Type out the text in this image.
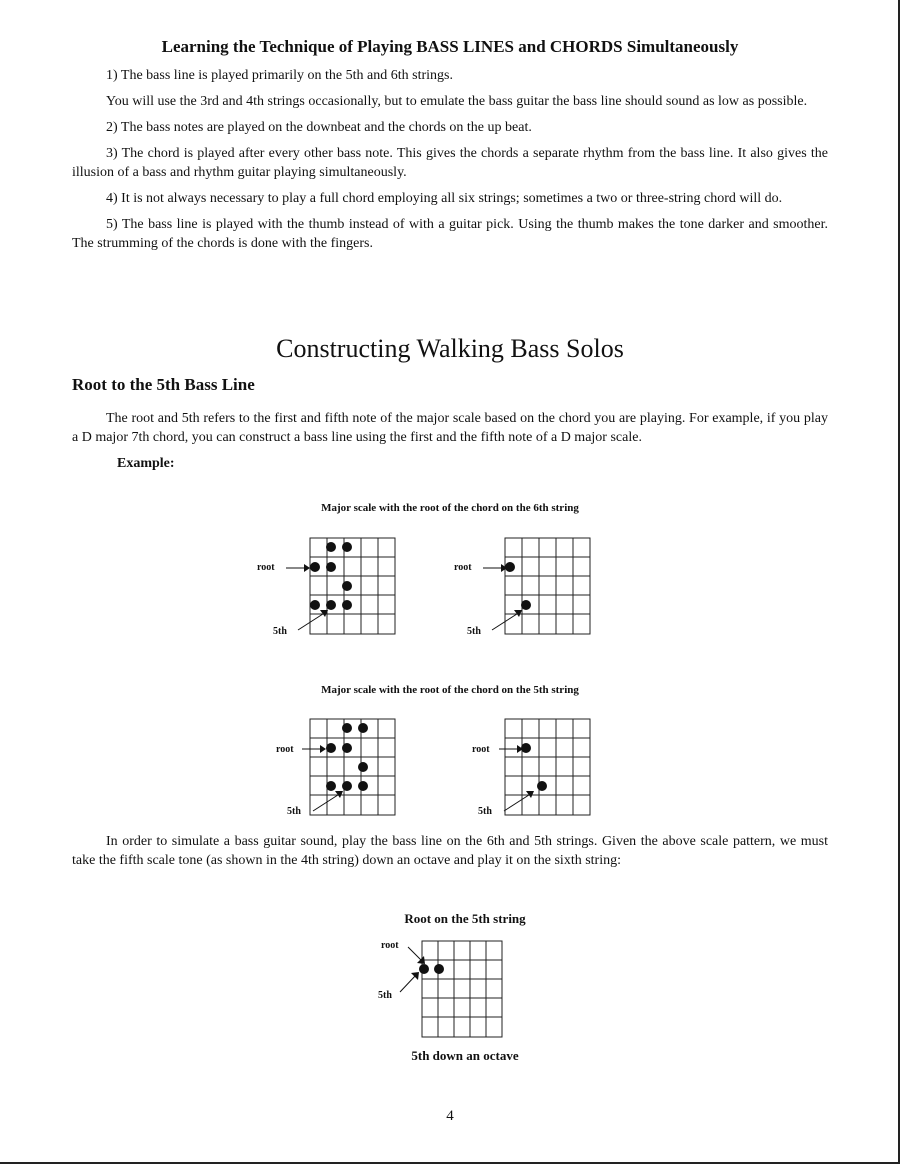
Learning the Technique of Playing BASS LINES and CHORDS Simultaneously

1) The bass line is played primarily on the 5th and 6th strings.

You will use the 3rd and 4th strings occasionally, but to emulate the bass guitar the bass line should sound as low as possible.

2) The bass notes are played on the downbeat and the chords on the up beat.

3) The chord is played after every other bass note. This gives the chords a separate rhythm from the bass line. It also gives the illusion of a bass and rhythm guitar playing simultaneously.

4) It is not always necessary to play a full chord employing all six strings; sometimes a two or three-string chord will do.

5) The bass line is played with the thumb instead of with a guitar pick. Using the thumb makes the tone darker and smoother. The strumming of the chords is done with the fingers.

Constructing Walking Bass Solos
Root to the 5th Bass Line

The root and 5th refers to the first and fifth note of the major scale based on the chord you are playing. For example, if you play a D major 7th chord, you can construct a bass line using the first and the fifth note of a D major scale.

Example:
Major scale with the root of the chord on the 6th string
root
5th
root
5th
Major scale with the root of the chord on the 5th string
root
5th
root
5th

In order to simulate a bass guitar sound, play the bass line on the 6th and 5th strings. Given the above scale pattern, we must take the fifth scale tone (as shown in the 4th string) down an octave and play it on the sixth string:

Root on the 5th string
root
5th
5th down an octave
4
